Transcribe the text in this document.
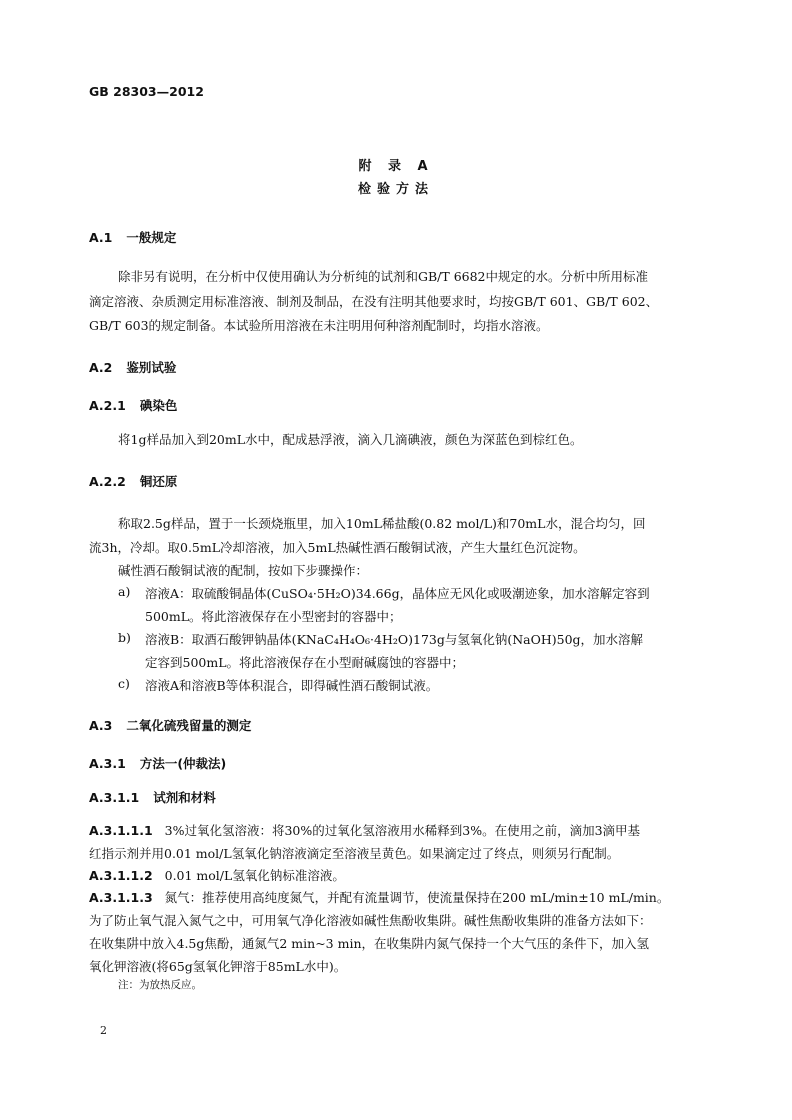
GB 28303—2012
附 录 A
检验方法
A.1 一般规定
除非另有说明，在分析中仅使用确认为分析纯的试剂和GB/T 6682中规定的水。分析中所用标准
滴定溶液、杂质测定用标准溶液、制剂及制品，在没有注明其他要求时，均按GB/T 601、GB/T 602、
GB/T 603的规定制备。本试验所用溶液在未注明用何种溶剂配制时，均指水溶液。
A.2 鉴别试验
A.2.1 碘染色
将1g样品加入到20mL水中，配成悬浮液，滴入几滴碘液，颜色为深蓝色到棕红色。
A.2.2 铜还原
称取2.5g样品，置于一长颈烧瓶里，加入10mL稀盐酸(0.82 mol/L)和70mL水，混合均匀，回
流3h，冷却。取0.5mL冷却溶液，加入5mL热碱性酒石酸铜试液，产生大量红色沉淀物。
碱性酒石酸铜试液的配制，按如下步骤操作：
a) 溶液A：取硫酸铜晶体(CuSO₄·5H₂O)34.66g，晶体应无风化或吸潮迹象，加水溶解定容到
500mL。将此溶液保存在小型密封的容器中；
b) 溶液B：取酒石酸钾钠晶体(KNaC₄H₄O₆·4H₂O)173g与氢氧化钠(NaOH)50g，加水溶解
定容到500mL。将此溶液保存在小型耐碱腐蚀的容器中；
c) 溶液A和溶液B等体积混合，即得碱性酒石酸铜试液。
A.3 二氧化硫残留量的测定
A.3.1 方法一(仲裁法)
A.3.1.1 试剂和材料
A.3.1.1.1 3%过氧化氢溶液：将30%的过氧化氢溶液用水稀释到3%。在使用之前，滴加3滴甲基
红指示剂并用0.01 mol/L氢氧化钠溶液滴定至溶液呈黄色。如果滴定过了终点，则须另行配制。
A.3.1.1.2 0.01 mol/L氢氧化钠标准溶液。
A.3.1.1.3 氮气：推荐使用高纯度氮气，并配有流量调节，使流量保持在200 mL/min±10 mL/min。
为了防止氧气混入氮气之中，可用氧气净化溶液如碱性焦酚收集阱。碱性焦酚收集阱的准备方法如下：
在收集阱中放入4.5g焦酚，通氮气2 min~3 min，在收集阱内氮气保持一个大气压的条件下，加入氢
氧化钾溶液(将65g氢氧化钾溶于85mL水中)。
注：为放热反应。
2
